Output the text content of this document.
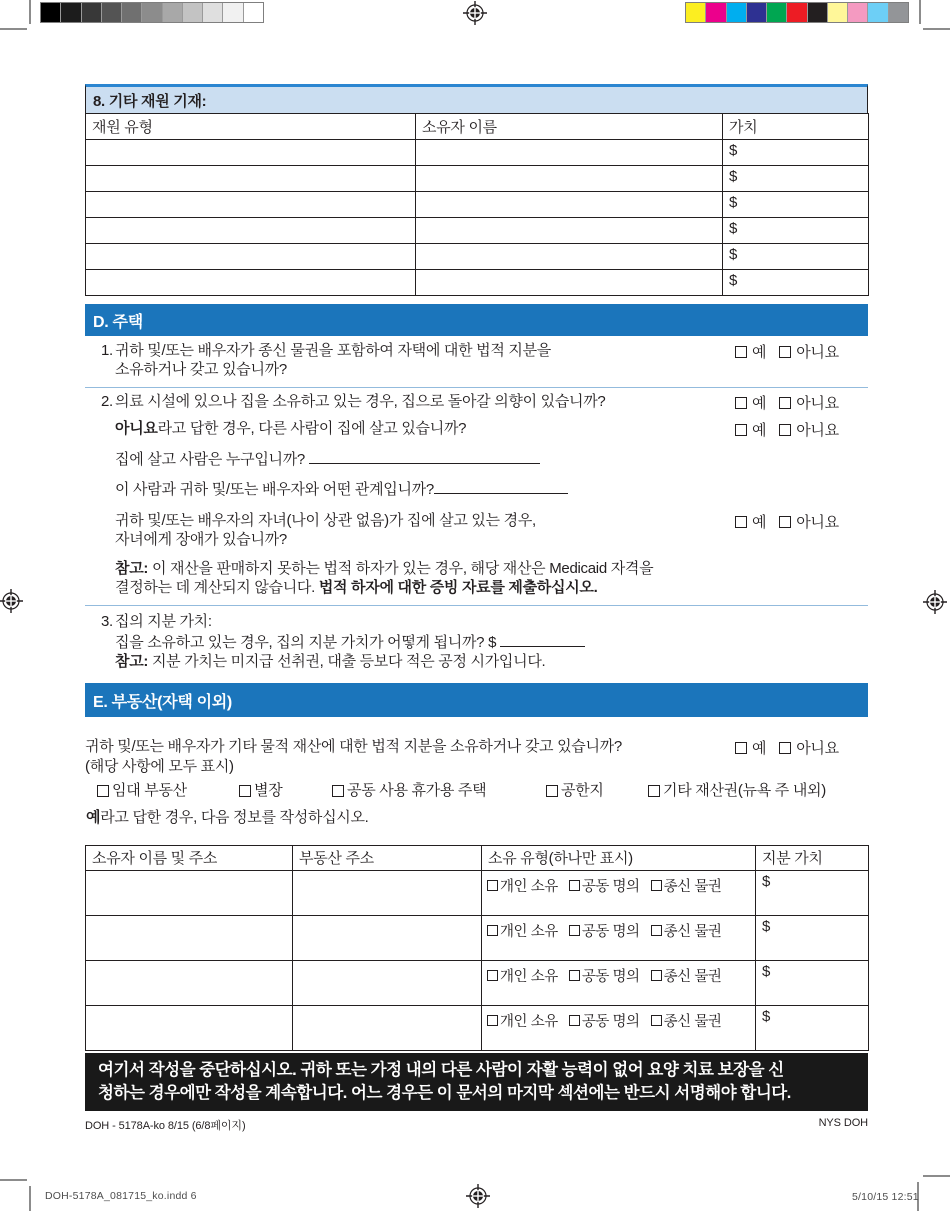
8. 기타 재원 기재:
재원 유형	소유자 이름	가치
		$
		$
		$
		$
		$
		$
D. 주택
1. 귀하 및/또는 배우자가 종신 물권을 포함하여 자택에 대한 법적 지분을
소유하거나 갖고 있습니까?
예 아니요
2. 의료 시설에 있으나 집을 소유하고 있는 경우, 집으로 돌아갈 의향이 있습니까?	예 아니요
아니요라고 답한 경우, 다른 사람이 집에 살고 있습니까?	예 아니요
집에 살고 사람은 누구입니까?
이 사람과 귀하 및/또는 배우자와 어떤 관계입니까?
귀하 및/또는 배우자의 자녀(나이 상관 없음)가 집에 살고 있는 경우,
자녀에게 장애가 있습니까?
예 아니요
참고: 이 재산을 판매하지 못하는 법적 하자가 있는 경우, 해당 재산은 Medicaid 자격을
결정하는 데 계산되지 않습니다. 법적 하자에 대한 증빙 자료를 제출하십시오.
3. 집의 지분 가치:
집을 소유하고 있는 경우, 집의 지분 가치가 어떻게 됩니까? $
참고: 지분 가치는 미지급 선취권, 대출 등보다 적은 공정 시가입니다.
E. 부동산(자택 이외)
귀하 및/또는 배우자가 기타 물적 재산에 대한 법적 지분을 소유하거나 갖고 있습니까?
(해당 사항에 모두 표시)
예 아니요
임대 부동산	별장	공동 사용 휴가용 주택	공한지	기타 재산권(뉴욕 주 내외)
예라고 답한 경우, 다음 정보를 작성하십시오.
소유자 이름 및 주소	부동산 주소	소유 유형(하나만 표시)	지분 가치

		개인 소유 공동 명의 종신 물권	$

		개인 소유 공동 명의 종신 물권	$

		개인 소유 공동 명의 종신 물권	$

		개인 소유 공동 명의 종신 물권	$
여기서 작성을 중단하십시오. 귀하 또는 가정 내의 다른 사람이 자활 능력이 없어 요양 치료 보장을 신
청하는 경우에만 작성을 계속합니다. 어느 경우든 이 문서의 마지막 섹션에는 반드시 서명해야 합니다.
DOH - 5178A-ko 8/15 (6/8페이지)	NYS DOH
DOH-5178A_081715_ko.indd 6	5/10/15 12:51
